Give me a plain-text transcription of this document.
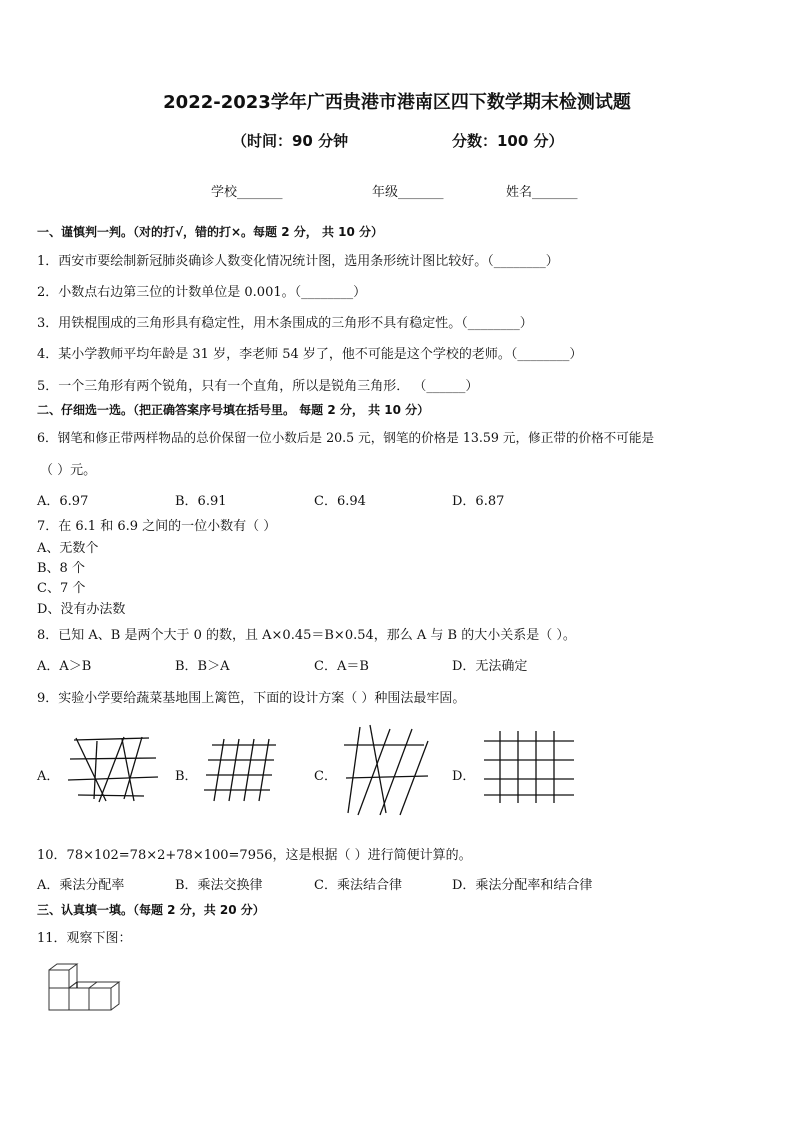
2022-2023学年广西贵港市港南区四下数学期末检测试题
（时间：90 分钟	分数：100 分）
学校_______	年级_______	姓名_______
一、谨慎判一判。（对的打√，错的打×。每题 2 分， 共 10 分）
1．西安市要绘制新冠肺炎确诊人数变化情况统计图，选用条形统计图比较好。（________）
2．小数点右边第三位的计数单位是 0.001。（________）
3．用铁棍围成的三角形具有稳定性，用木条围成的三角形不具有稳定性。（________）
4．某小学教师平均年龄是 31 岁，李老师 54 岁了，他不可能是这个学校的老师。（________）
5．一个三角形有两个锐角，只有一个直角，所以是锐角三角形． （______）
二、仔细选一选。（把正确答案序号填在括号里。 每题 2 分， 共 10 分）
6．钢笔和修正带两样物品的总价保留一位小数后是 20.5 元，钢笔的价格是 13.59 元，修正带的价格不可能是
（ ）元。
A．6.97	B．6.91	C．6.94	D．6.87
7．在 6.1 和 6.9 之间的一位小数有（ ）
A、无数个
B、8 个
C、7 个
D、没有办法数
8．已知 A、B 是两个大于 0 的数，且 A×0.45＝B×0.54，那么 A 与 B 的大小关系是（ ）。
A．A＞B	B．B＞A	C．A＝B	D．无法确定
9．实验小学要给蔬菜基地围上篱笆，下面的设计方案（ ）种围法最牢固。
A．	B．	C．	D．
10．78×102=78×2+78×100=7956，这是根据（ ）进行简便计算的。
A．乘法分配率	B．乘法交换律	C．乘法结合律	D．乘法分配率和结合律
三、认真填一填。（每题 2 分，共 20 分）
11．观察下图：
